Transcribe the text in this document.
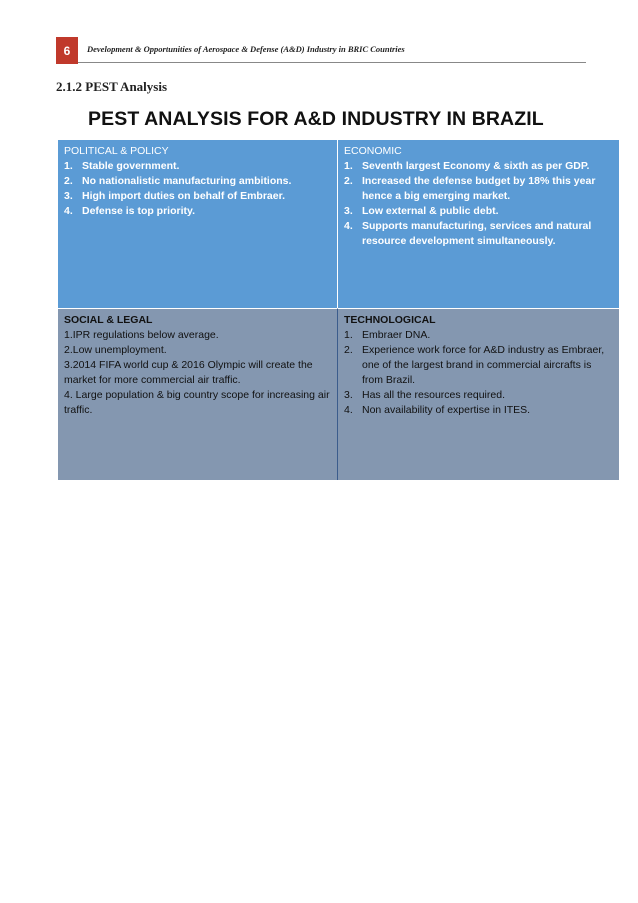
6	Development & Opportunities of Aerospace & Defense (A&D) Industry in BRIC Countries
2.1.2 PEST Analysis
PEST ANALYSIS FOR A&D INDUSTRY IN BRAZIL
POLITICAL & POLICY
1. Stable government.
2. No nationalistic manufacturing ambitions.
3. High import duties on behalf of Embraer.
4. Defense is top priority.
ECONOMIC
1. Seventh largest Economy & sixth as per GDP.
2. Increased the defense budget by 18% this year hence a big emerging market.
3. Low external & public debt.
4. Supports manufacturing, services and natural resource development simultaneously.
SOCIAL & LEGAL
1.IPR regulations below average.
2.Low unemployment.
3.2014 FIFA world cup & 2016 Olympic will create the market for more commercial air traffic.
4. Large population & big country scope for increasing air traffic.
TECHNOLOGICAL
1. Embraer DNA.
2. Experience work force for A&D industry as Embraer, one of the largest brand in commercial aircrafts is from Brazil.
3. Has all the resources required.
4. Non availability of expertise in ITES.
